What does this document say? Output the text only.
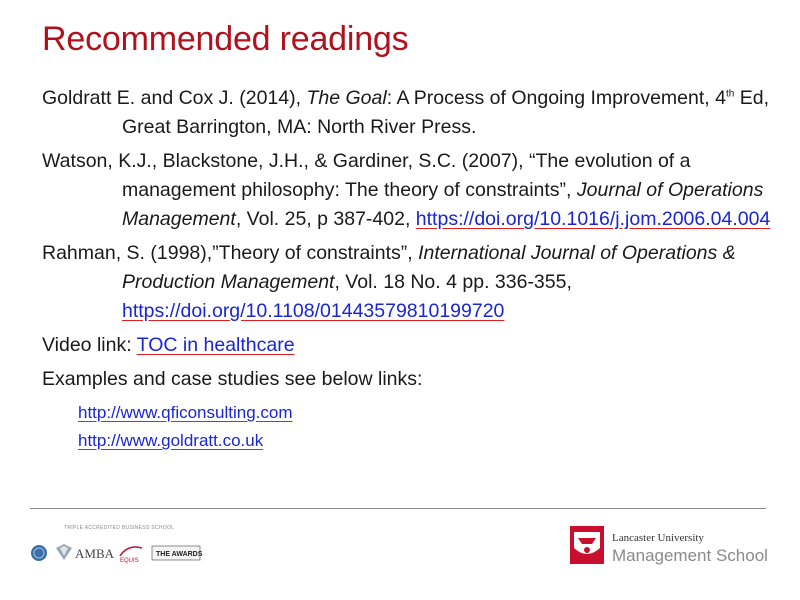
Recommended readings

Goldratt E. and Cox J. (2014), The Goal: A Process of Ongoing Improvement, 4th Ed, Great Barrington, MA: North River Press.

Watson, K.J., Blackstone, J.H., & Gardiner, S.C. (2007), “The evolution of a management philosophy: The theory of constraints”, Journal of Operations Management, Vol. 25, p 387-402, https://doi.org/10.1016/j.jom.2006.04.004

Rahman, S. (1998),”Theory of constraints”, International Journal of Operations & Production Management, Vol. 18 No. 4 pp. 336-355, https://doi.org/10.1108/01443579810199720

Video link: TOC in healthcare

Examples and case studies see below links:

http://www.qficonsulting.com http://www.goldratt.co.uk
TRIPLE ACCREDITED BUSINESS SCHOOL
AMBA EQUIS
THE AWARDS
Lancaster University
Management School
